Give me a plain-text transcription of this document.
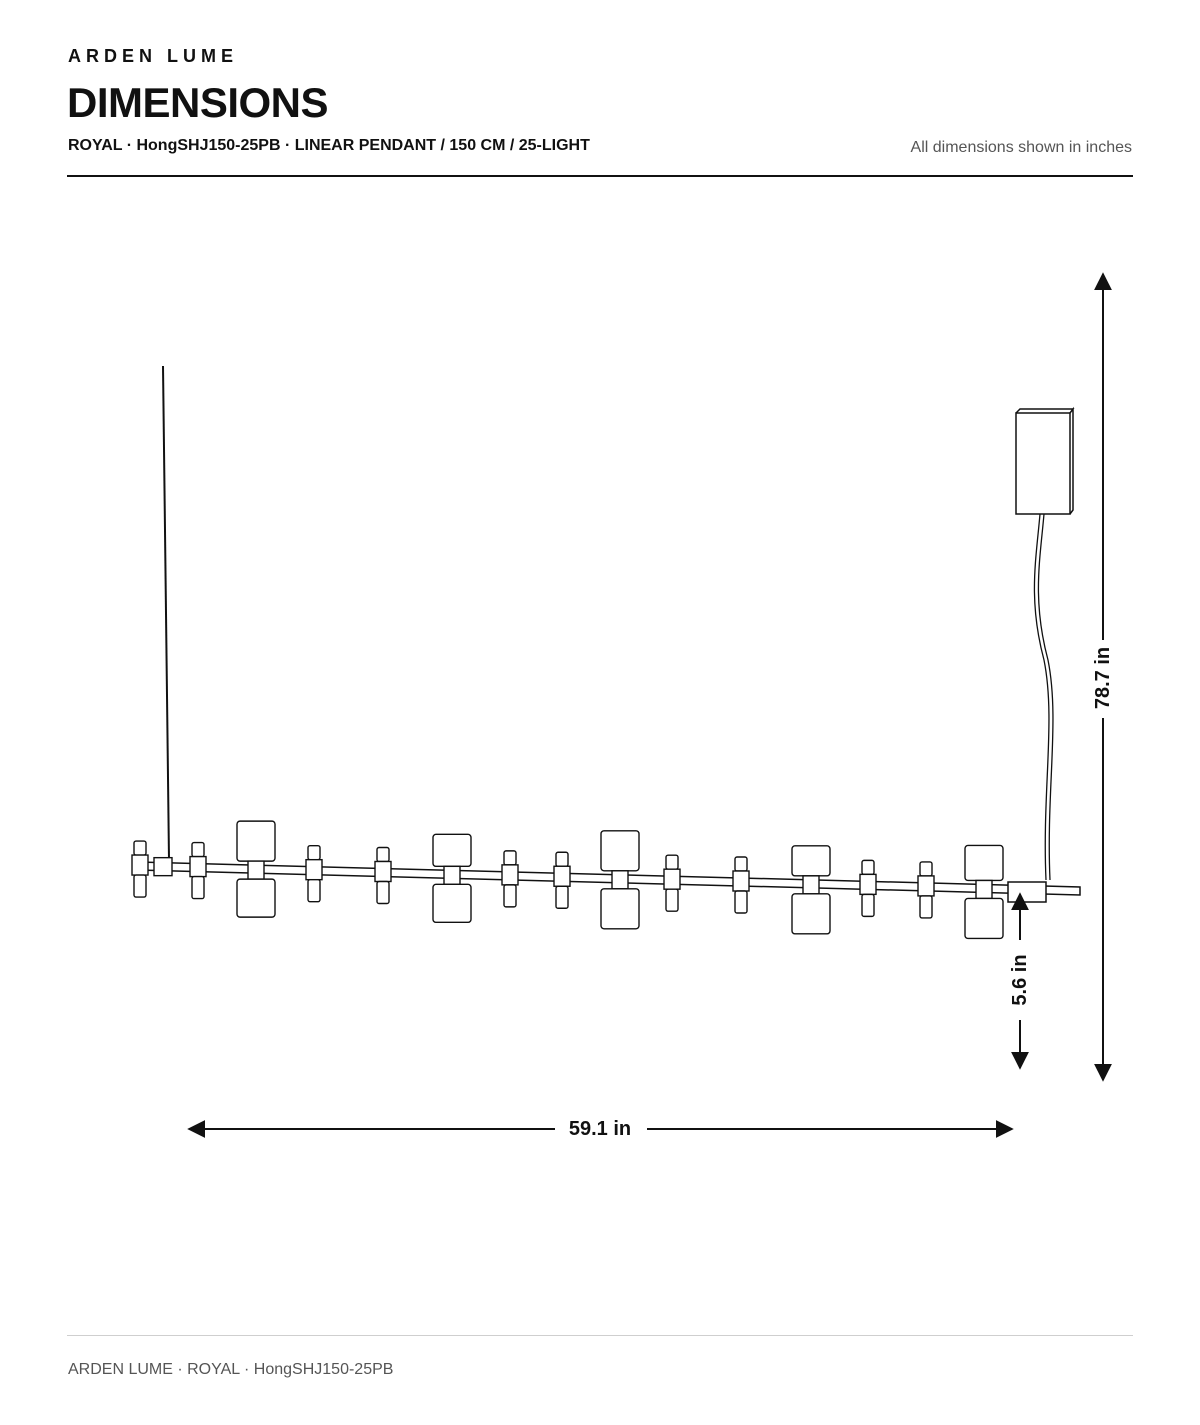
ARDEN LUME
DIMENSIONS
ROYAL · HongSHJ150-25PB · LINEAR PENDANT / 150 CM / 25-LIGHT	All dimensions shown in inches
78.7 in
5.6 in
59.1 in
ARDEN LUME · ROYAL · HongSHJ150-25PB
